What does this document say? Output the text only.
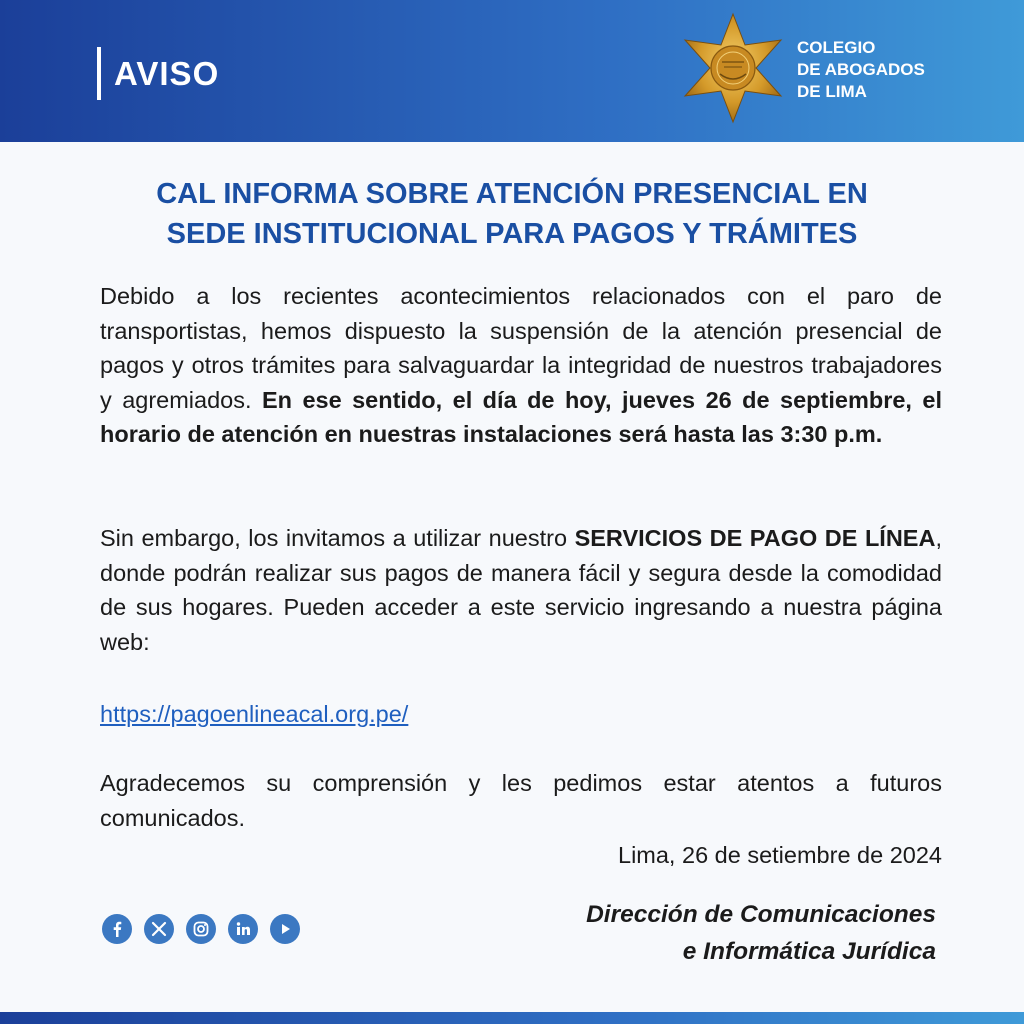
AVISO
COLEGIO
DE ABOGADOS
DE LIMA
CAL INFORMA SOBRE ATENCIÓN PRESENCIAL EN
SEDE INSTITUCIONAL PARA PAGOS Y TRÁMITES
Debido a los recientes acontecimientos relacionados con el paro de transportistas, hemos dispuesto la suspensión de la atención presencial de pagos y otros trámites para salvaguardar la integridad de nuestros trabajadores y agremiados. En ese sentido, el día de hoy, jueves 26 de septiembre, el horario de atención en nuestras instalaciones será hasta las 3:30 p.m.
Sin embargo, los invitamos a utilizar nuestro SERVICIOS DE PAGO DE LÍNEA, donde podrán realizar sus pagos de manera fácil y segura desde la comodidad de sus hogares. Pueden acceder a este servicio ingresando a nuestra página web:
https://pagoenlineacal.org.pe/
Agradecemos su comprensión y les pedimos estar atentos a futuros comunicados.
Lima, 26 de setiembre de 2024
Dirección de Comunicaciones
e Informática Jurídica
